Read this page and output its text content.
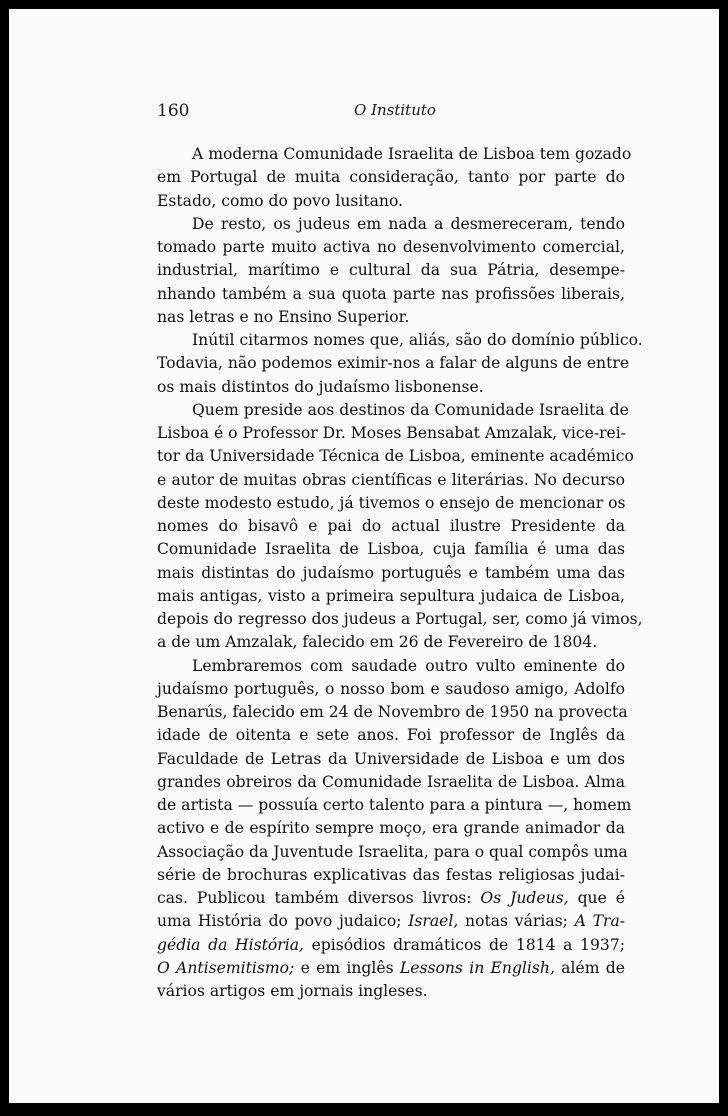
160	O Instituto
A moderna Comunidade Israelita de Lisboa tem gozado
em Portugal de muita consideração, tanto por parte do
Estado, como do povo lusitano.
De resto, os judeus em nada a desmereceram, tendo
tomado parte muito activa no desenvolvimento comercial,
industrial, marítimo e cultural da sua Pátria, desempe-
nhando também a sua quota parte nas profissões liberais,
nas letras e no Ensino Superior.
Inútil citarmos nomes que, aliás, são do domínio público.
Todavia, não podemos eximir-nos a falar de alguns de entre
os mais distintos do judaísmo lisbonense.
Quem preside aos destinos da Comunidade Israelita de
Lisboa é o Professor Dr. Moses Bensabat Amzalak, vice-rei-
tor da Universidade Técnica de Lisboa, eminente académico
e autor de muitas obras científicas e literárias. No decurso
deste modesto estudo, já tivemos o ensejo de mencionar os
nomes do bisavô e pai do actual ilustre Presidente da
Comunidade Israelita de Lisboa, cuja família é uma das
mais distintas do judaísmo português e também uma das
mais antigas, visto a primeira sepultura judaica de Lisboa,
depois do regresso dos judeus a Portugal, ser, como já vimos,
a de um Amzalak, falecido em 26 de Fevereiro de 1804.
Lembraremos com saudade outro vulto eminente do
judaísmo português, o nosso bom e saudoso amigo, Adolfo
Benarús, falecido em 24 de Novembro de 1950 na provecta
idade de oitenta e sete anos. Foi professor de Inglês da
Faculdade de Letras da Universidade de Lisboa e um dos
grandes obreiros da Comunidade Israelita de Lisboa. Alma
de artista — possuía certo talento para a pintura —, homem
activo e de espírito sempre moço, era grande animador da
Associação da Juventude Israelita, para o qual compôs uma
série de brochuras explicativas das festas religiosas judai-
cas. Publicou também diversos livros: Os Judeus, que é
uma História do povo judaico; Israel, notas várias; A Tra-
gédia da História, episódios dramáticos de 1814 a 1937;
O Antisemitismo; e em inglês Lessons in English, além de
vários artigos em jornais ingleses.
